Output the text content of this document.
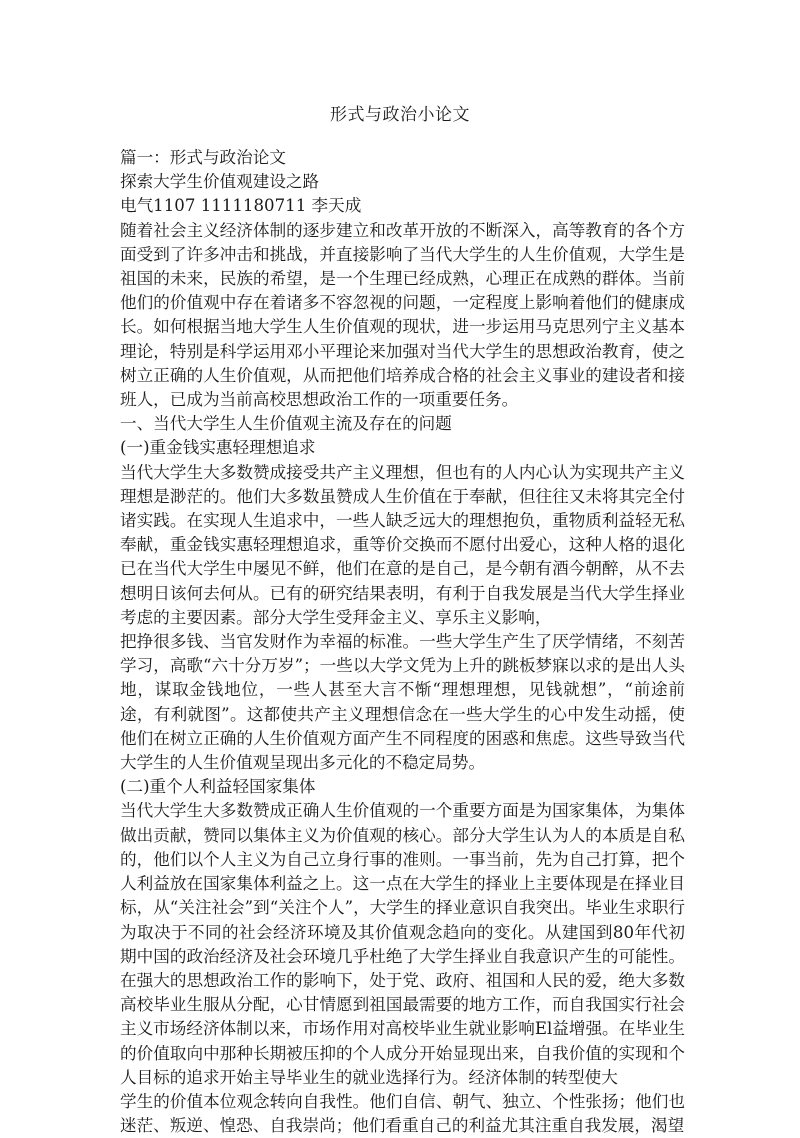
形式与政治小论文

篇一：形式与政治论文

探索大学生价值观建设之路

电气1107 1111180711 李天成

随着社会主义经济体制的逐步建立和改革开放的不断深入，高等教育的各个方面受到了许多冲击和挑战，并直接影响了当代大学生的人生价值观，大学生是祖国的未来，民族的希望，是一个生理已经成熟，心理正在成熟的群体。当前他们的价值观中存在着诸多不容忽视的问题，一定程度上影响着他们的健康成长。如何根据当地大学生人生价值观的现状，进一步运用马克思列宁主义基本理论，特别是科学运用邓小平理论来加强对当代大学生的思想政治教育，使之树立正确的人生价值观，从而把他们培养成合格的社会主义事业的建设者和接班人，已成为当前高校思想政治工作的一项重要任务。

一、当代大学生人生价值观主流及存在的问题

(一)重金钱实惠轻理想追求

当代大学生大多数赞成接受共产主义理想，但也有的人内心认为实现共产主义理想是渺茫的。他们大多数虽赞成人生价值在于奉献，但往往又未将其完全付诸实践。在实现人生追求中，一些人缺乏远大的理想抱负，重物质利益轻无私奉献，重金钱实惠轻理想追求，重等价交换而不愿付出爱心，这种人格的退化已在当代大学生中屡见不鲜，他们在意的是自己，是今朝有酒今朝醉，从不去想明日该何去何从。已有的研究结果表明，有利于自我发展是当代大学生择业考虑的主要因素。部分大学生受拜金主义、享乐主义影响，

把挣很多钱、当官发财作为幸福的标准。一些大学生产生了厌学情绪，不刻苦学习，高歌“六十分万岁”；一些以大学文凭为上升的跳板梦寐以求的是出人头地，谋取金钱地位，一些人甚至大言不惭“理想理想，见钱就想”，“前途前途，有利就图”。这都使共产主义理想信念在一些大学生的心中发生动摇，使他们在树立正确的人生价值观方面产生不同程度的困惑和焦虑。这些导致当代大学生的人生价值观呈现出多元化的不稳定局势。

(二)重个人利益轻国家集体

当代大学生大多数赞成正确人生价值观的一个重要方面是为国家集体，为集体做出贡献，赞同以集体主义为价值观的核心。部分大学生认为人的本质是自私的，他们以个人主义为自己立身行事的准则。一事当前，先为自己打算，把个人利益放在国家集体利益之上。这一点在大学生的择业上主要体现是在择业目标，从“关注社会”到“关注个人”，大学生的择业意识自我突出。毕业生求职行为取决于不同的社会经济环境及其价值观念趋向的变化。从建国到80年代初期中国的政治经济及社会环境几乎杜绝了大学生择业自我意识产生的可能性。在强大的思想政治工作的影响下，处于党、政府、祖国和人民的爱，绝大多数高校毕业生服从分配，心甘情愿到祖国最需要的地方工作，而自我国实行社会主义市场经济体制以来，市场作用对高校毕业生就业影响El益增强。在毕业生的价值取向中那种长期被压抑的个人成分开始显现出来，自我价值的实现和个人目标的追求开始主导毕业生的就业选择行为。经济体制的转型使大

学生的价值本位观念转向自我性。他们自信、朝气、独立、个性张扬；他们也迷茫、叛逆、惶恐、自我崇尚；他们看重自己的利益尤其注重自我发展，渴望
